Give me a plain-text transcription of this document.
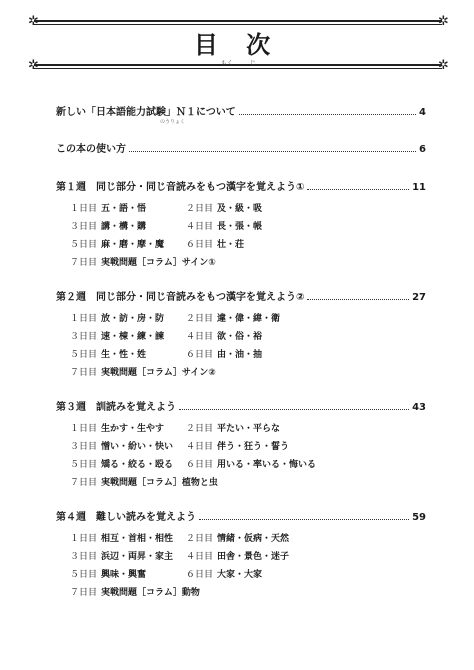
✲	✲
✲	✲
目 次
もく	じ
新しい「日本語能力試験」Ｎ１について	4
のうりょく
この本の使い方	6
第１週　同じ部分・同じ音読みをもつ漢字を覚えよう①	11
１日目 五・語・悟	２日目 及・級・吸
３日目 講・構・購	４日目 長・張・帳
５日目 麻・磨・摩・魔 ６日目 壮・荘
７日目 実戦問題［コラム］サイン①
第２週　同じ部分・同じ音読みをもつ漢字を覚えよう②	27
１日目 放・訪・房・防 ２日目 違・偉・緯・衛
３日目 速・棟・練・諫 ４日目 欲・俗・裕
５日目 生・性・姓	６日目 由・油・抽
７日目 実戦問題［コラム］サイン②
第３週　訓読みを覚えよう	43
１日目 生かす・生やす ２日目 平たい・平らな
３日目 憎い・紛い・快い ４日目 伴う・狂う・誓う
５日目 矯る・絞る・殴る ６日目 用いる・率いる・悔いる
７日目 実戦問題［コラム］植物と虫
第４週　難しい読みを覚えよう	59
１日目 相互・首相・相性 ２日目 情緒・仮病・天然
３日目 浜辺・両昇・家主 ４日目 田舎・景色・迷子
５日目 興味・興奮	６日目 大家・大家
７日目 実戦問題［コラム］動物
